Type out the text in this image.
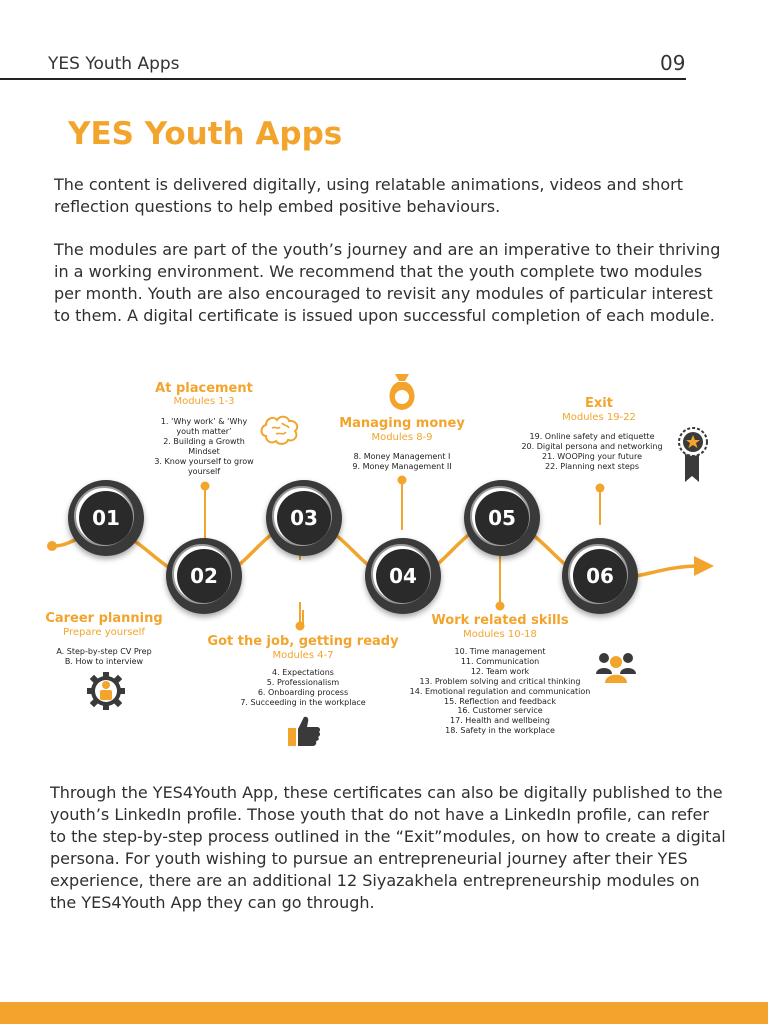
YES Youth Apps	09
YES Youth Apps

The content is delivered digitally, using relatable animations, videos and short reflection questions to help embed positive behaviours.

The modules are part of the youth’s journey and are an imperative to their thriving in a working environment. We recommend that the youth complete two modules per month. Youth are also encouraged to revisit any modules of particular interest to them. A digital certificate is issued upon successful completion of each module.

01
02
03
04
05
06
Career planning
Prepare yourself
A. Step-by-step CV Prep
B. How to interview
At placement
Modules 1-3
1. ‘Why work’ & ‘Why
youth matter’
2. Building a Growth
Mindset
3. Know yourself to grow
yourself
Got the job, getting ready
Modules 4-7
4. Expectations
5. Professionalism
6. Onboarding process
7. Succeeding in the workplace
Managing money
Modules 8-9
8. Money Management I
9. Money Management II
Work related skills
Modules 10-18
10. Time management
11. Communication
12. Team work
13. Problem solving and critical thinking
14. Emotional regulation and communication
15. Reflection and feedback
16. Customer service
17. Health and wellbeing
18. Safety in the workplace
Exit
Modules 19-22
19. Online safety and etiquette
20. Digital persona and networking
21. WOOPing your future
22. Planning next steps

Through the YES4Youth App, these certificates can also be digitally published to the youth’s LinkedIn profile. Those youth that do not have a LinkedIn profile, can refer to the step-by-step process outlined in the “Exit”modules, on how to create a digital persona. For youth wishing to pursue an entrepreneurial journey after their YES experience, there are an additional 12 Siyazakhela entrepreneurship modules on the YES4Youth App they can go through.
